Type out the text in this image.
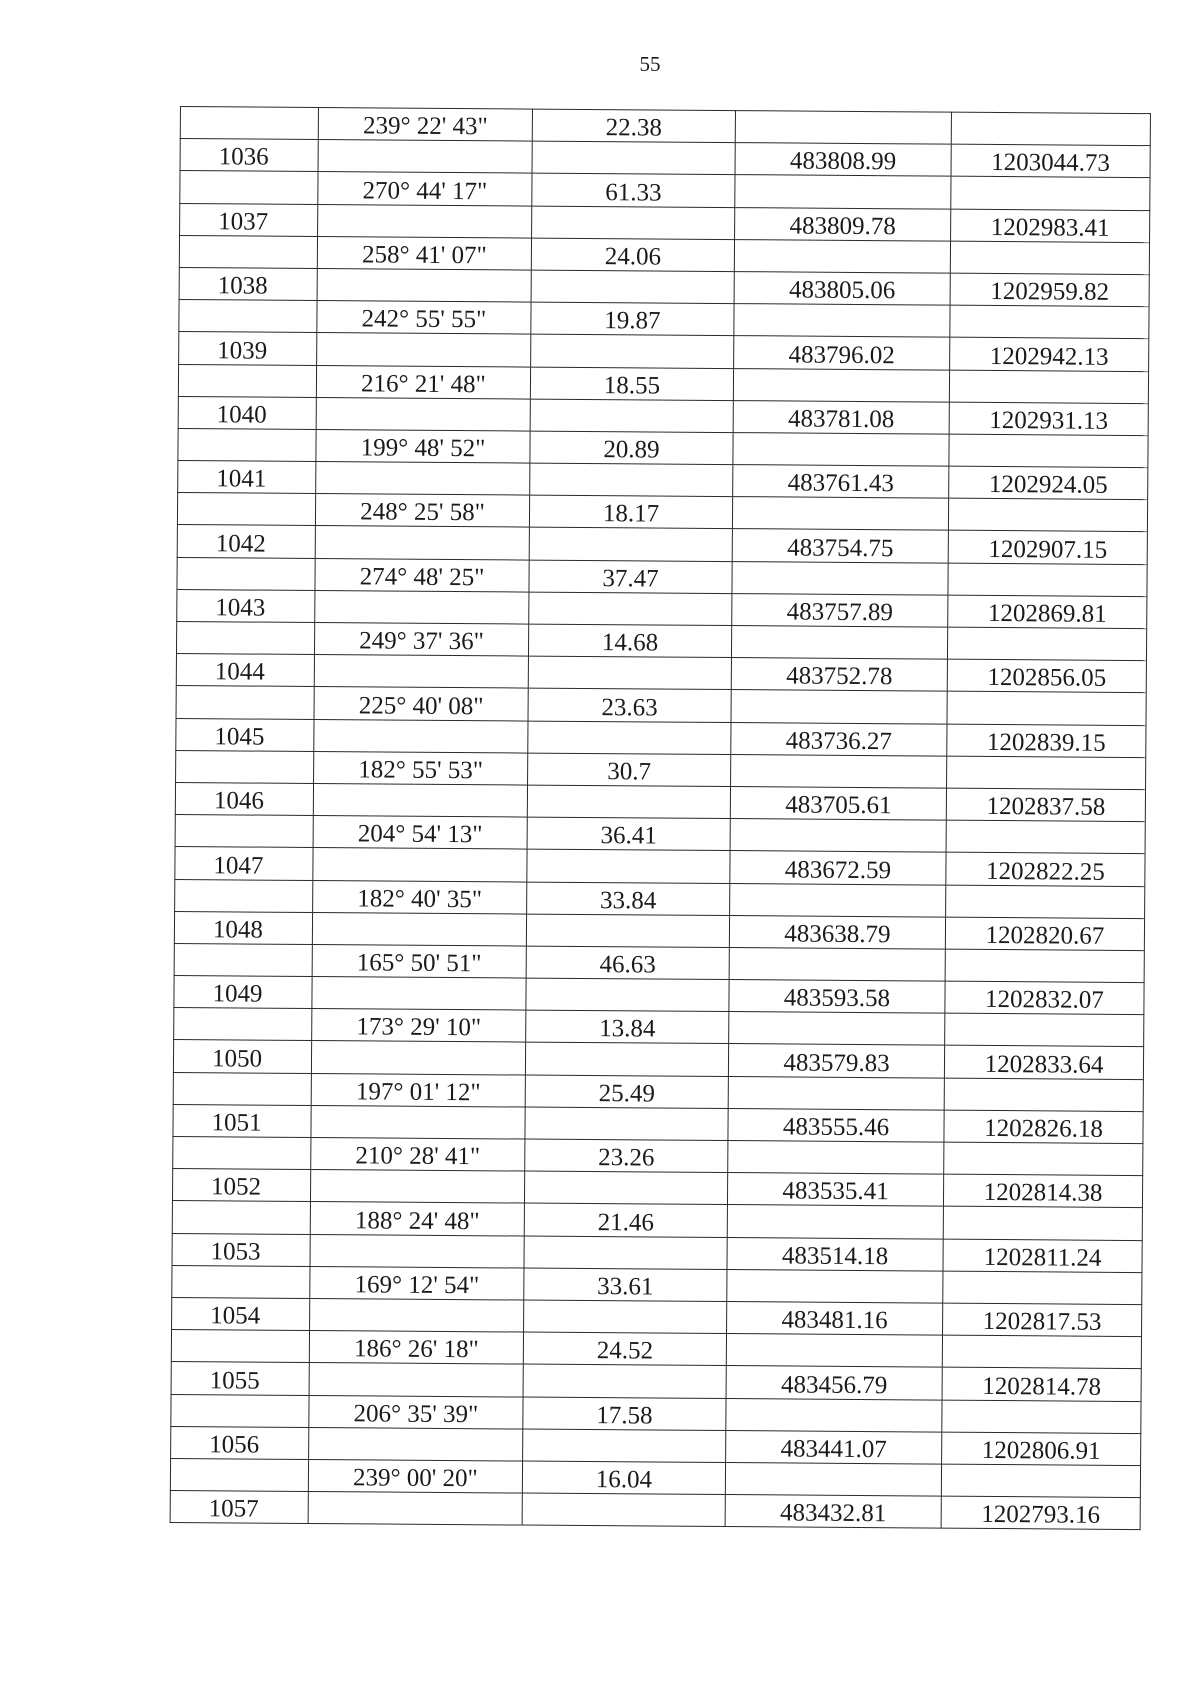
55
	239° 22' 43"	22.38		
1036			483808.99	1203044.73
	270° 44' 17"	61.33		
1037			483809.78	1202983.41
	258° 41' 07"	24.06		
1038			483805.06	1202959.82
	242° 55' 55"	19.87		
1039			483796.02	1202942.13
	216° 21' 48"	18.55		
1040			483781.08	1202931.13
	199° 48' 52"	20.89		
1041			483761.43	1202924.05
	248° 25' 58"	18.17		
1042			483754.75	1202907.15
	274° 48' 25"	37.47		
1043			483757.89	1202869.81
	249° 37' 36"	14.68		
1044			483752.78	1202856.05
	225° 40' 08"	23.63		
1045			483736.27	1202839.15
	182° 55' 53"	30.7		
1046			483705.61	1202837.58
	204° 54' 13"	36.41		
1047			483672.59	1202822.25
	182° 40' 35"	33.84		
1048			483638.79	1202820.67
	165° 50' 51"	46.63		
1049			483593.58	1202832.07
	173° 29' 10"	13.84		
1050			483579.83	1202833.64
	197° 01' 12"	25.49		
1051			483555.46	1202826.18
	210° 28' 41"	23.26		
1052			483535.41	1202814.38
	188° 24' 48"	21.46		
1053			483514.18	1202811.24
	169° 12' 54"	33.61		
1054			483481.16	1202817.53
	186° 26' 18"	24.52		
1055			483456.79	1202814.78
	206° 35' 39"	17.58		
1056			483441.07	1202806.91
	239° 00' 20"	16.04		
1057			483432.81	1202793.16
